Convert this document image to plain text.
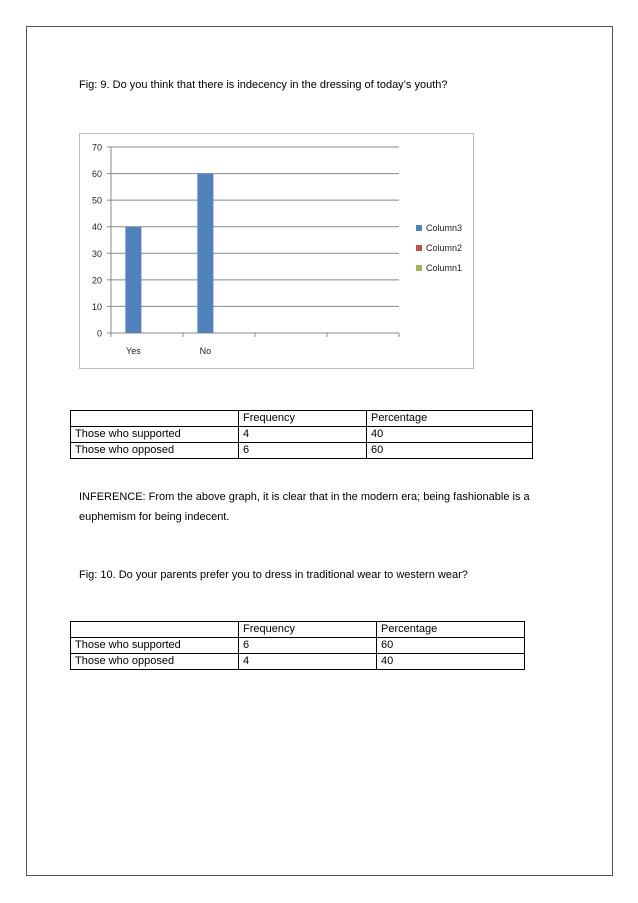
Fig: 9. Do you think that there is indecency in the dressing of today’s youth?
0
10
20
30
40
50
60
70
Yes	No
Column3
Column2
Column1
	Frequency	Percentage
Those who supported	4	40
Those who opposed	6	60
INFERENCE: From the above graph, it is clear that in the modern era; being fashionable is a euphemism for being indecent.
Fig: 10. Do your parents prefer you to dress in traditional wear to western wear?
	Frequency	Percentage
Those who supported	6	60
Those who opposed	4	40
